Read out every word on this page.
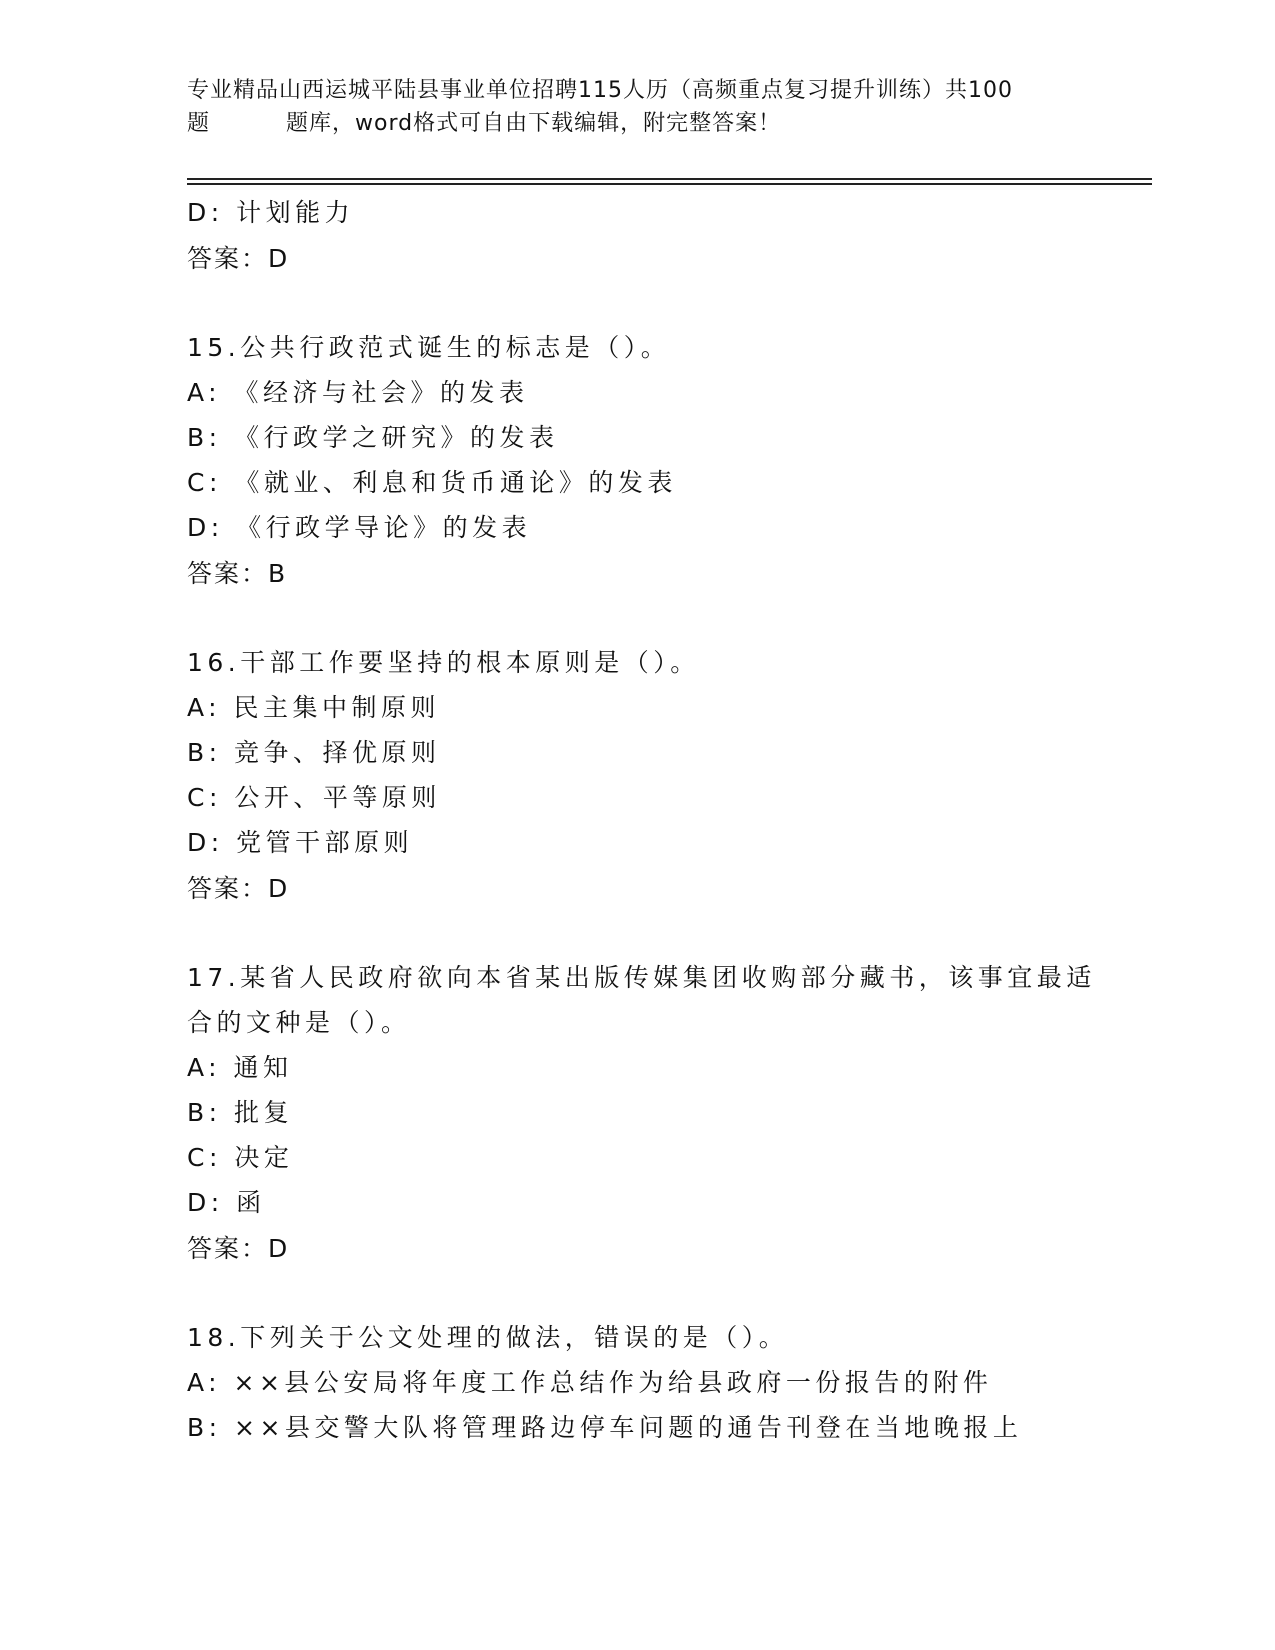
专业精品山西运城平陆县事业单位招聘115人历（高频重点复习提升训练）共100
题	题库，word格式可自由下载编辑，附完整答案！
D: 计划能力
答案：D
15.公共行政范式诞生的标志是（）。
A: 《经济与社会》的发表
B: 《行政学之研究》的发表
C: 《就业、利息和货币通论》的发表
D: 《行政学导论》的发表
答案：B
16.干部工作要坚持的根本原则是（）。
A: 民主集中制原则
B: 竞争、择优原则
C: 公开、平等原则
D: 党管干部原则
答案：D
17.某省人民政府欲向本省某出版传媒集团收购部分藏书，该事宜最适
合的文种是（）。
A: 通知
B: 批复
C: 决定
D: 函
答案：D
18.下列关于公文处理的做法，错误的是（）。
A: ××县公安局将年度工作总结作为给县政府一份报告的附件
B: ××县交警大队将管理路边停车问题的通告刊登在当地晚报上
